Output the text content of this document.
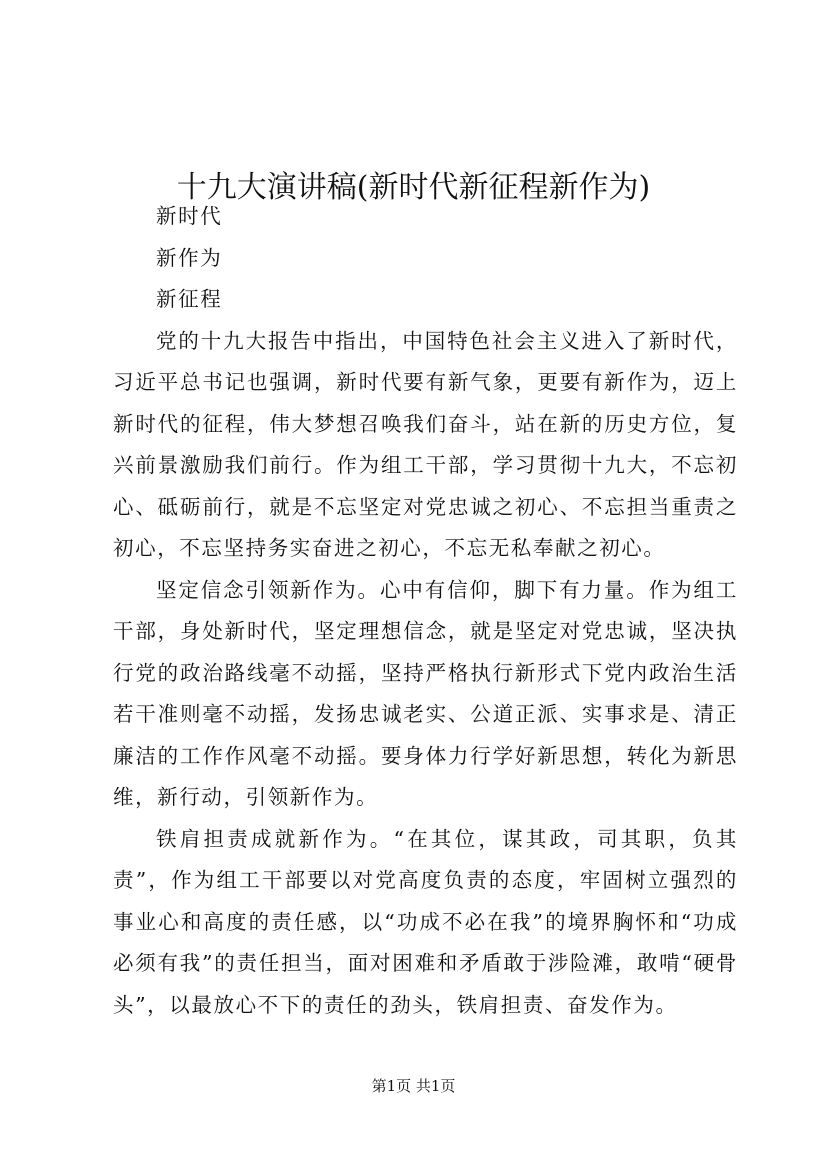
十九大演讲稿(新时代新征程新作为)

新时代

新作为

新征程

党的十九大报告中指出，中国特色社会主义进入了新时代，习近平总书记也强调，新时代要有新气象，更要有新作为，迈上新时代的征程，伟大梦想召唤我们奋斗，站在新的历史方位，复兴前景激励我们前行。作为组工干部，学习贯彻十九大，不忘初心、砥砺前行，就是不忘坚定对党忠诚之初心、不忘担当重责之初心，不忘坚持务实奋进之初心，不忘无私奉献之初心。

坚定信念引领新作为。心中有信仰，脚下有力量。作为组工干部，身处新时代，坚定理想信念，就是坚定对党忠诚，坚决执行党的政治路线毫不动摇，坚持严格执行新形式下党内政治生活若干准则毫不动摇，发扬忠诚老实、公道正派、实事求是、清正廉洁的工作作风毫不动摇。要身体力行学好新思想，转化为新思维，新行动，引领新作为。

铁肩担责成就新作为。“在其位，谋其政，司其职，负其责”，作为组工干部要以对党高度负责的态度，牢固树立强烈的事业心和高度的责任感，以“功成不必在我”的境界胸怀和“功成必须有我”的责任担当，面对困难和矛盾敢于涉险滩，敢啃“硬骨头”，以最放心不下的责任的劲头，铁肩担责、奋发作为。

第1页 共1页
